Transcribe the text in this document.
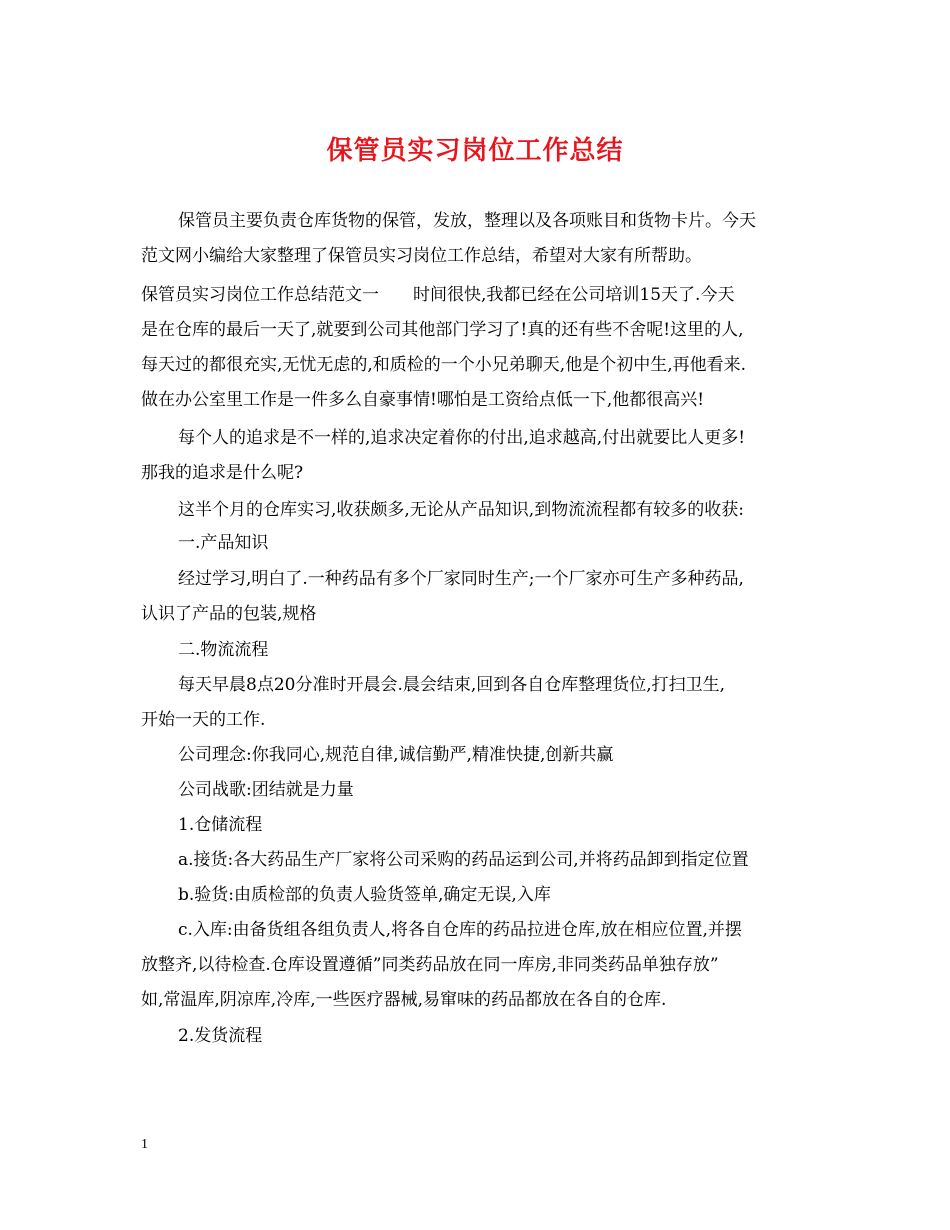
保管员实习岗位工作总结
保管员主要负责仓库货物的保管，发放，整理以及各项账目和货物卡片。今天
范文网小编给大家整理了保管员实习岗位工作总结，希望对大家有所帮助。
保管员实习岗位工作总结范文一　　时间很快,我都已经在公司培训15天了.今天
是在仓库的最后一天了,就要到公司其他部门学习了!真的还有些不舍呢!这里的人,
每天过的都很充实,无忧无虑的,和质检的一个小兄弟聊天,他是个初中生,再他看来.
做在办公室里工作是一件多么自豪事情!哪怕是工资给点低一下,他都很高兴!
每个人的追求是不一样的,追求决定着你的付出,追求越高,付出就要比人更多!
那我的追求是什么呢?
这半个月的仓库实习,收获颇多,无论从产品知识,到物流流程都有较多的收获:
一.产品知识
经过学习,明白了.一种药品有多个厂家同时生产;一个厂家亦可生产多种药品,
认识了产品的包装,规格
二.物流流程
每天早晨8点20分准时开晨会.晨会结束,回到各自仓库整理货位,打扫卫生,
开始一天的工作.
公司理念:你我同心,规范自律,诚信勤严,精准快捷,创新共赢
公司战歌:团结就是力量
1.仓储流程
a.接货:各大药品生产厂家将公司采购的药品运到公司,并将药品卸到指定位置
b.验货:由质检部的负责人验货签单,确定无误,入库
c.入库:由备货组各组负责人,将各自仓库的药品拉进仓库,放在相应位置,并摆
放整齐,以待检查.仓库设置遵循”同类药品放在同一库房,非同类药品单独存放”
如,常温库,阴凉库,冷库,一些医疗器械,易窜味的药品都放在各自的仓库.
2.发货流程
1
